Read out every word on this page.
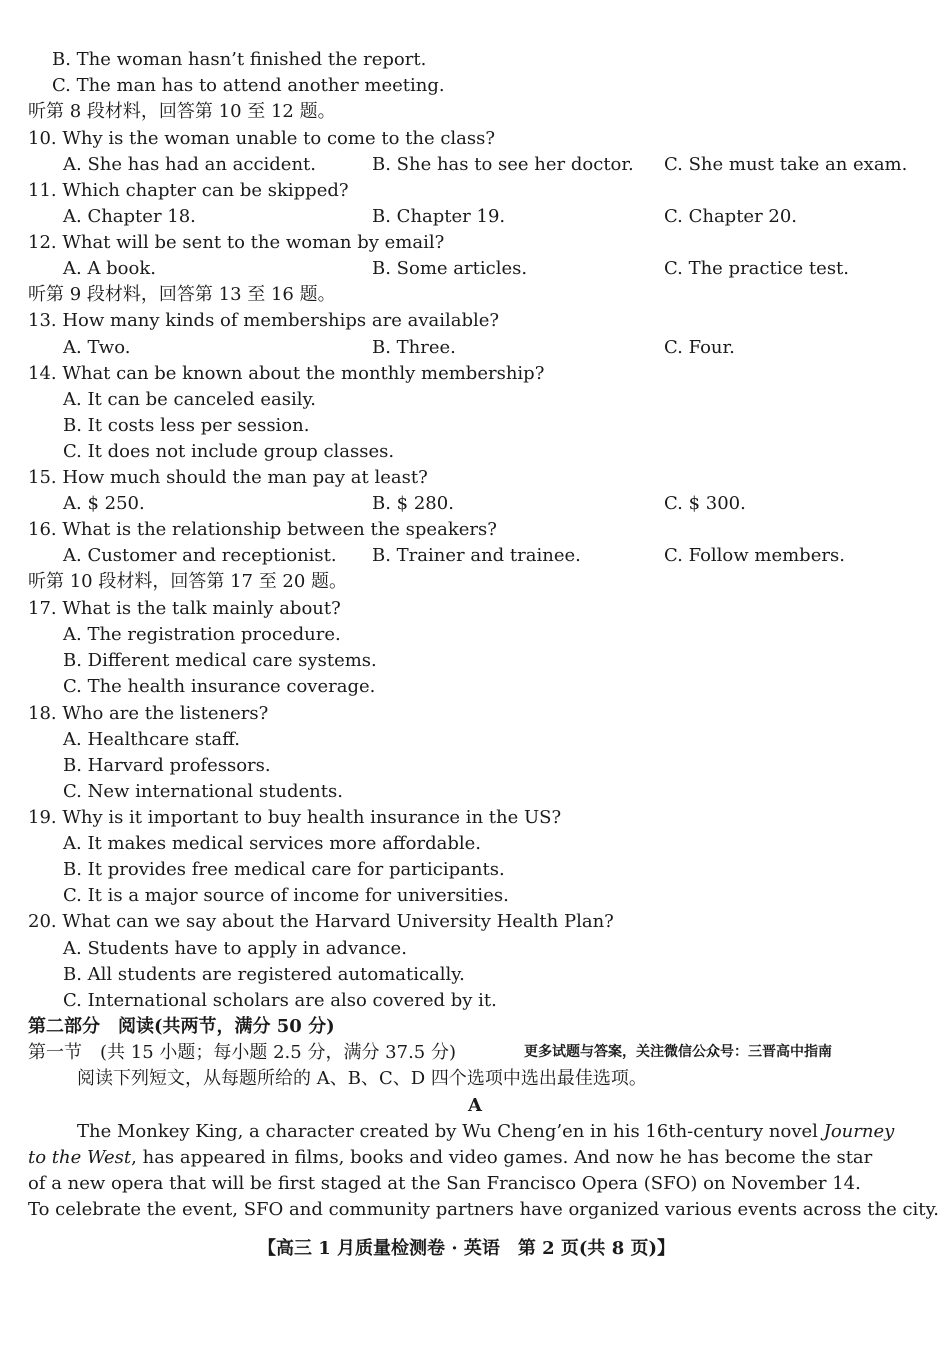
B. The woman hasn’t finished the report.
C. The man has to attend another meeting.
听第 8 段材料，回答第 10 至 12 题。
10. Why is the woman unable to come to the class?
A. She has had an accident.	B. She has to see her doctor. C. She must take an exam.
11. Which chapter can be skipped?
A. Chapter 18.	B. Chapter 19.	C. Chapter 20.
12. What will be sent to the woman by email?
A. A book.	B. Some articles.	C. The practice test.
听第 9 段材料，回答第 13 至 16 题。
13. How many kinds of memberships are available?
A. Two.	B. Three.	C. Four.
14. What can be known about the monthly membership?
A. It can be canceled easily.
B. It costs less per session.
C. It does not include group classes.
15. How much should the man pay at least?
A. $ 250.	B. $ 280.	C. $ 300.
16. What is the relationship between the speakers?
A. Customer and receptionist. B. Trainer and trainee.	C. Follow members.
听第 10 段材料，回答第 17 至 20 题。
17. What is the talk mainly about?
A. The registration procedure.
B. Different medical care systems.
C. The health insurance coverage.
18. Who are the listeners?
A. Healthcare staff.
B. Harvard professors.
C. New international students.
19. Why is it important to buy health insurance in the US?
A. It makes medical services more affordable.
B. It provides free medical care for participants.
C. It is a major source of income for universities.
20. What can we say about the Harvard University Health Plan?
A. Students have to apply in advance.
B. All students are registered automatically.
C. International scholars are also covered by it.
第二部分　阅读(共两节，满分 50 分)
第一节　(共 15 小题；每小题 2.5 分，满分 37.5 分)	更多试题与答案，关注微信公众号：三晋高中指南
阅读下列短文，从每题所给的 A、B、C、D 四个选项中选出最佳选项。
A
The Monkey King, a character created by Wu Cheng’en in his 16th-century novel Journey
to the West, has appeared in films, books and video games. And now he has become the star
of a new opera that will be first staged at the San Francisco Opera (SFO) on November 14.
To celebrate the event, SFO and community partners have organized various events across the city.
【高三 1 月质量检测卷 · 英语　第 2 页(共 8 页)】
